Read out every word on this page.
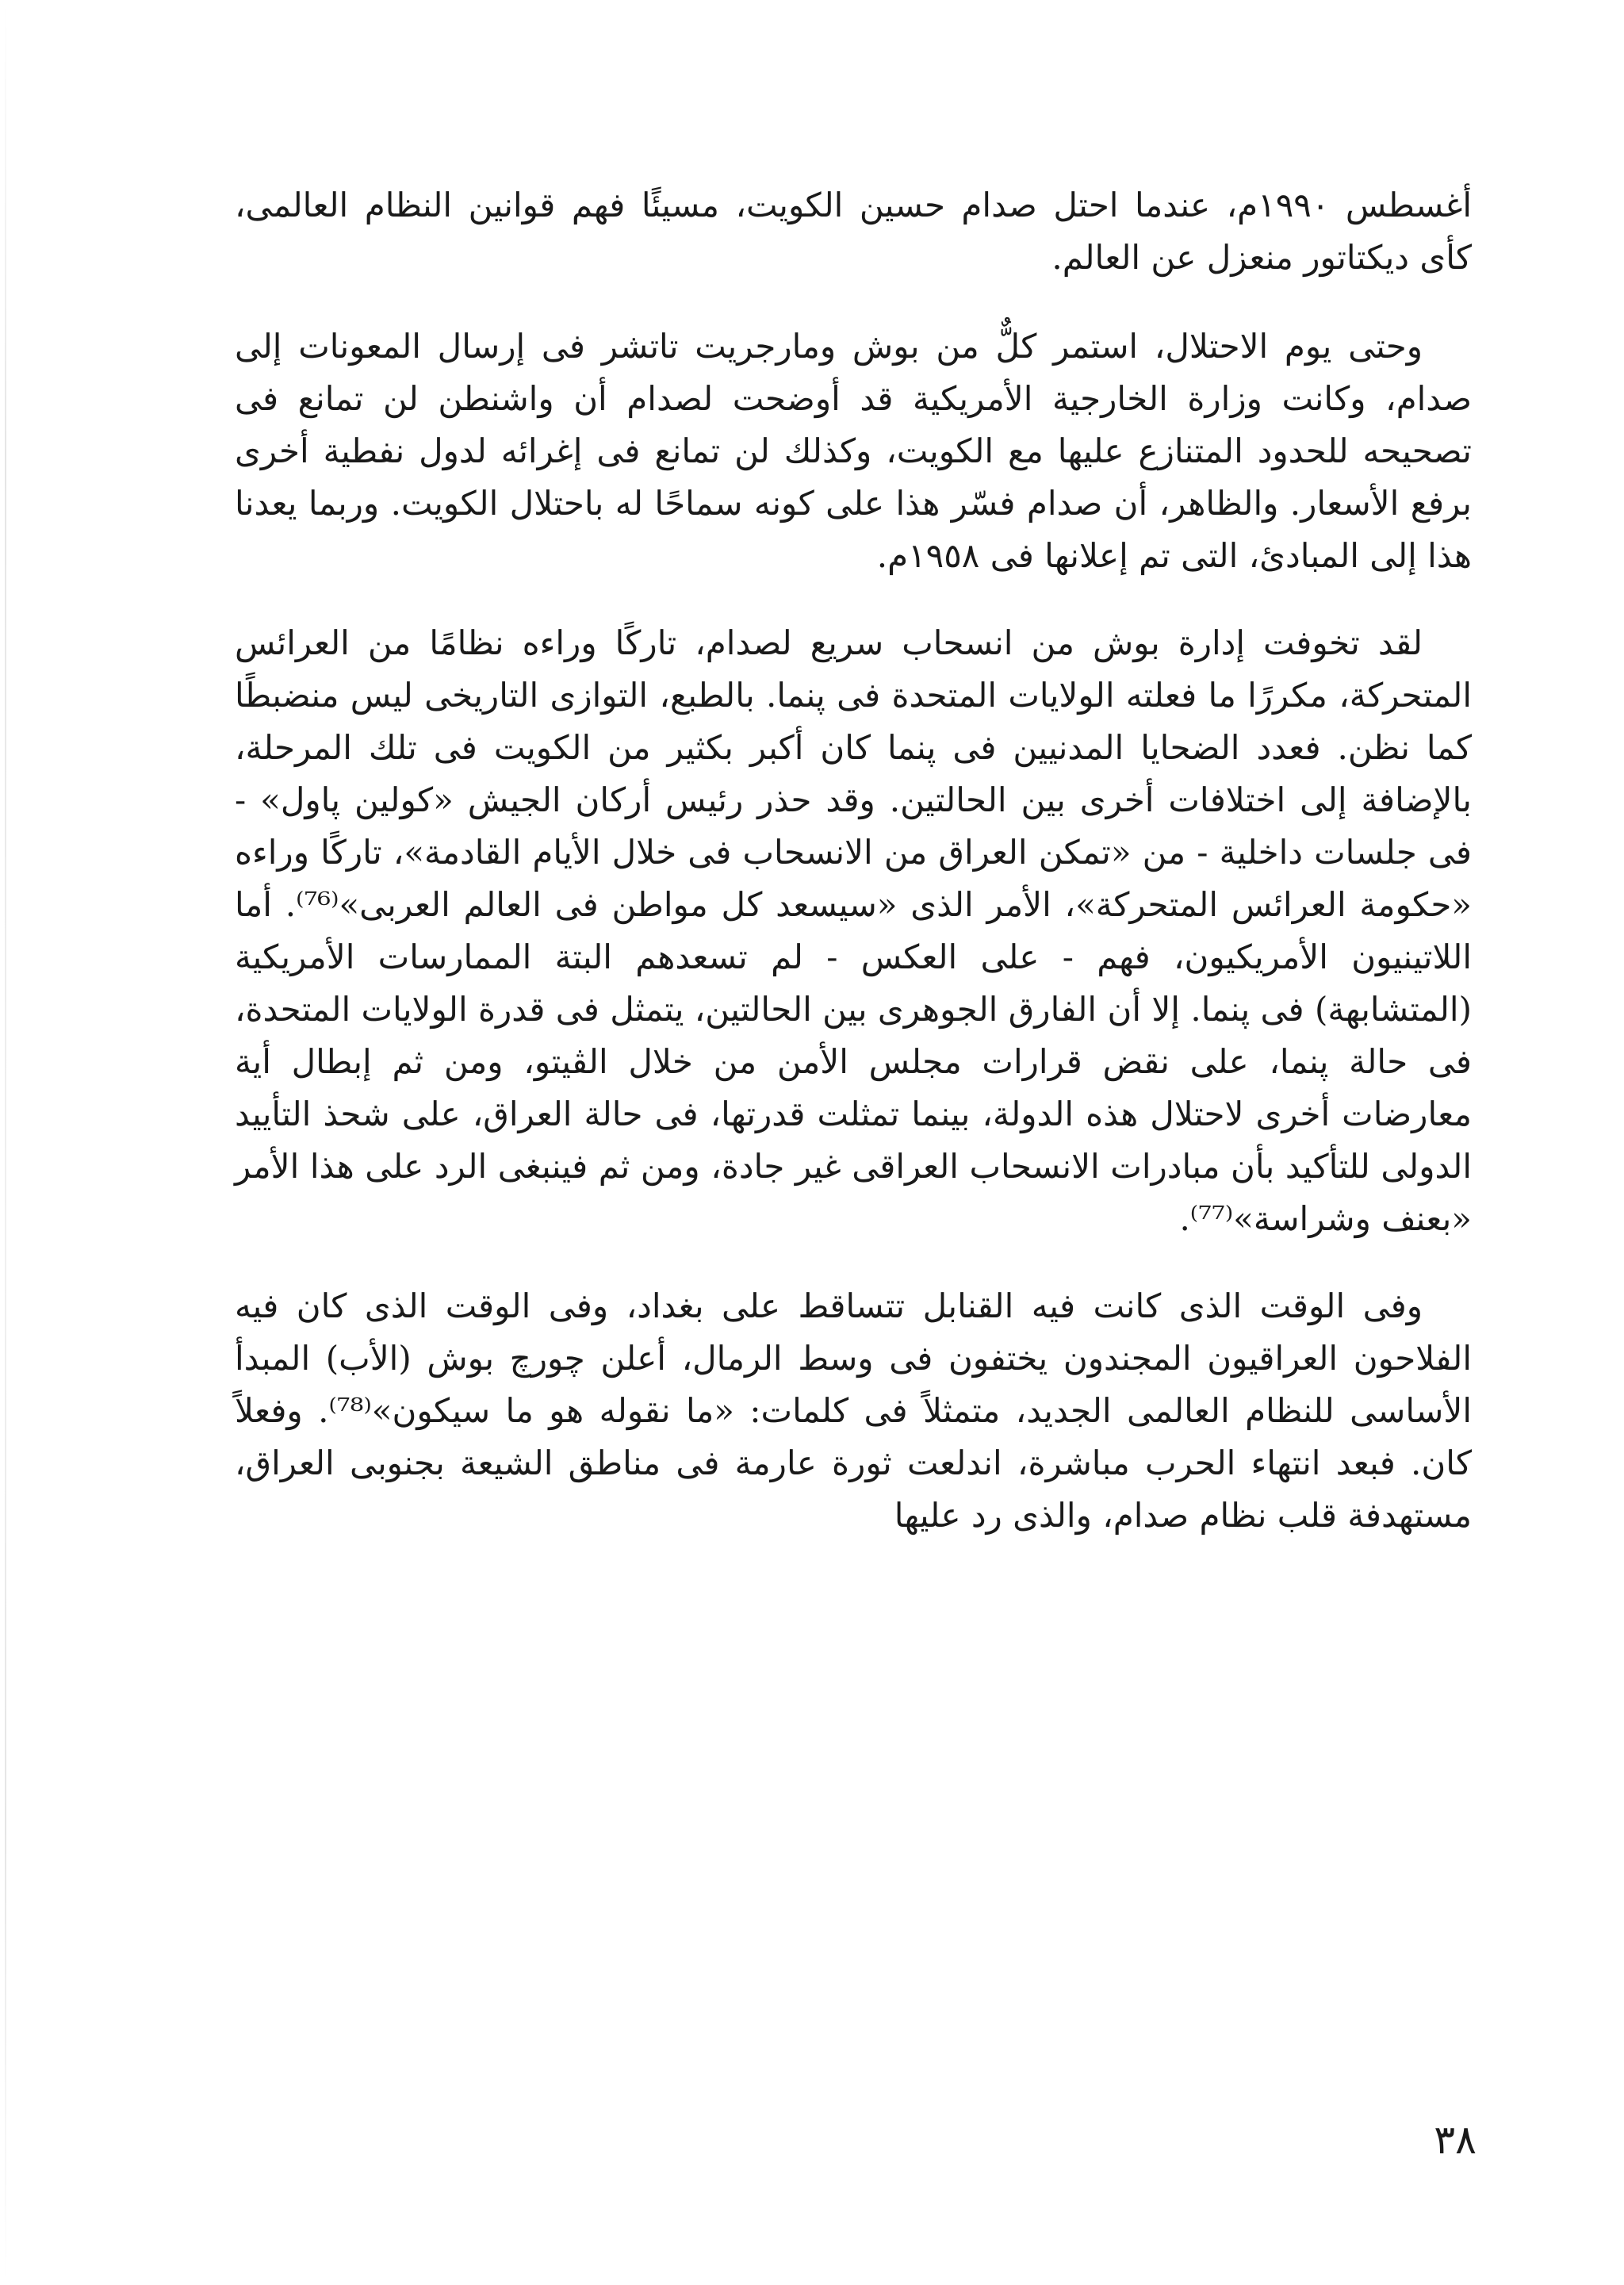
أغسطس ١٩٩٠م، عندما احتل صدام حسين الكويت، مسيئًا فهم قوانين النظام العالمى، كأى ديكتاتور منعزل عن العالم.

وحتى يوم الاحتلال، استمر كلٌّ من بوش ومارجريت تاتشر فى إرسال المعونات إلى صدام، وكانت وزارة الخارجية الأمريكية قد أوضحت لصدام أن واشنطن لن تمانع فى تصحيحه للحدود المتنازع عليها مع الكويت، وكذلك لن تمانع فى إغرائه لدول نفطية أخرى برفع الأسعار. والظاهر، أن صدام فسّر هذا على كونه سماحًا له باحتلال الكويت. وربما يعدنا هذا إلى المبادئ، التى تم إعلانها فى ١٩٥٨م.

لقد تخوفت إدارة بوش من انسحاب سريع لصدام، تاركًا وراءه نظامًا من العرائس المتحركة، مكررًا ما فعلته الولايات المتحدة فى پنما. بالطبع، التوازى التاريخى ليس منضبطًا كما نظن. فعدد الضحايا المدنيين فى پنما كان أكبر بكثير من الكويت فى تلك المرحلة، بالإضافة إلى اختلافات أخرى بين الحالتين. وقد حذر رئيس أركان الجيش «كولين پاول» - فى جلسات داخلية - من «تمكن العراق من الانسحاب فى خلال الأيام القادمة»، تاركًا وراءه «حكومة العرائس المتحركة»، الأمر الذى «سيسعد كل مواطن فى العالم العربى»⁽⁷⁶⁾. أما اللاتينيون الأمريكيون، فهم - على العكس - لم تسعدهم البتة الممارسات الأمريكية (المتشابهة) فى پنما. إلا أن الفارق الجوهرى بين الحالتين، يتمثل فى قدرة الولايات المتحدة، فى حالة پنما، على نقض قرارات مجلس الأمن من خلال الڤيتو، ومن ثم إبطال أية معارضات أخرى لاحتلال هذه الدولة، بينما تمثلت قدرتها، فى حالة العراق، على شحذ التأييد الدولى للتأكيد بأن مبادرات الانسحاب العراقى غير جادة، ومن ثم فينبغى الرد على هذا الأمر «بعنف وشراسة»⁽⁷⁷⁾.

وفى الوقت الذى كانت فيه القنابل تتساقط على بغداد، وفى الوقت الذى كان فيه الفلاحون العراقيون المجندون يختفون فى وسط الرمال، أعلن چورچ بوش (الأب) المبدأ الأساسى للنظام العالمى الجديد، متمثلاً فى كلمات: «ما نقوله هو ما سيكون»⁽⁷⁸⁾. وفعلاً كان. فبعد انتهاء الحرب مباشرة، اندلعت ثورة عارمة فى مناطق الشيعة بجنوبى العراق، مستهدفة قلب نظام صدام، والذى رد عليها

٣٨
